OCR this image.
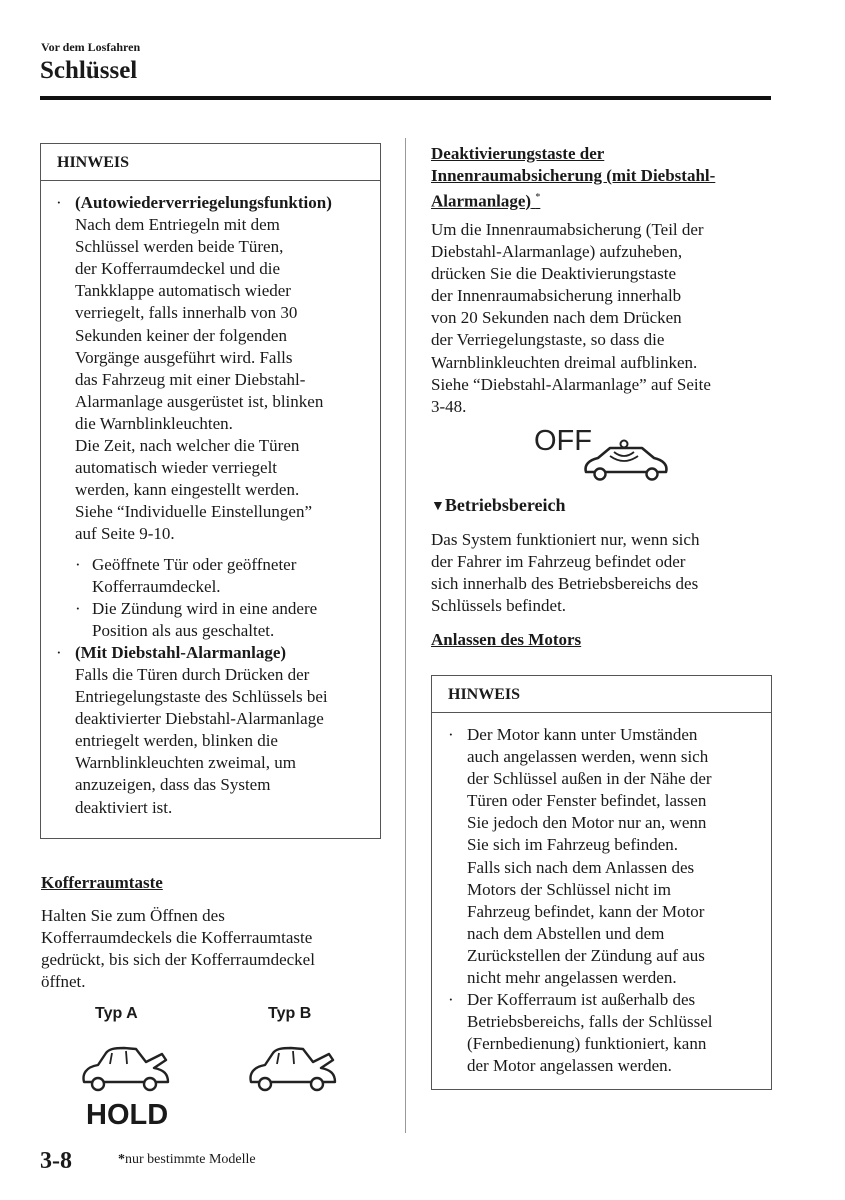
Vor dem Losfahren
Schlüssel
HINWEIS
· (Autowiederverriegelungsfunktion)
Nach dem Entriegeln mit dem
Schlüssel werden beide Türen,
der Kofferraumdeckel und die
Tankklappe automatisch wieder
verriegelt, falls innerhalb von 30
Sekunden keiner der folgenden
Vorgänge ausgeführt wird. Falls
das Fahrzeug mit einer Diebstahl-
Alarmanlage ausgerüstet ist, blinken
die Warnblinkleuchten.
Die Zeit, nach welcher die Türen
automatisch wieder verriegelt
werden, kann eingestellt werden.
Siehe “Individuelle Einstellungen”
auf Seite 9-10.
· Geöffnete Tür oder geöffneter
Kofferraumdeckel.
· Die Zündung wird in eine andere
Position als aus geschaltet.
· (Mit Diebstahl-Alarmanlage)
Falls die Türen durch Drücken der
Entriegelungstaste des Schlüssels bei
deaktivierter Diebstahl-Alarmanlage
entriegelt werden, blinken die
Warnblinkleuchten zweimal, um
anzuzeigen, dass das System
deaktiviert ist.
Kofferraumtaste
Halten Sie zum Öffnen des
Kofferraumdeckels die Kofferraumtaste
gedrückt, bis sich der Kofferraumdeckel
öffnet.
Typ A	Typ B
HOLD
Deaktivierungstaste der
Innenraumabsicherung (mit Diebstahl-
Alarmanlage) *
Um die Innenraumabsicherung (Teil der
Diebstahl-Alarmanlage) aufzuheben,
drücken Sie die Deaktivierungstaste
der Innenraumabsicherung innerhalb
von 20 Sekunden nach dem Drücken
der Verriegelungstaste, so dass die
Warnblinkleuchten dreimal aufblinken.
Siehe “Diebstahl-Alarmanlage” auf Seite
3-48.
OFF
▼Betriebsbereich
Das System funktioniert nur, wenn sich
der Fahrer im Fahrzeug befindet oder
sich innerhalb des Betriebsbereichs des
Schlüssels befindet.
Anlassen des Motors
HINWEIS
· Der Motor kann unter Umständen
auch angelassen werden, wenn sich
der Schlüssel außen in der Nähe der
Türen oder Fenster befindet, lassen
Sie jedoch den Motor nur an, wenn
Sie sich im Fahrzeug befinden.
Falls sich nach dem Anlassen des
Motors der Schlüssel nicht im
Fahrzeug befindet, kann der Motor
nach dem Abstellen und dem
Zurückstellen der Zündung auf aus
nicht mehr angelassen werden.
· Der Kofferraum ist außerhalb des
Betriebsbereichs, falls der Schlüssel
(Fernbedienung) funktioniert, kann
der Motor angelassen werden.
3-8	*nur bestimmte Modelle
